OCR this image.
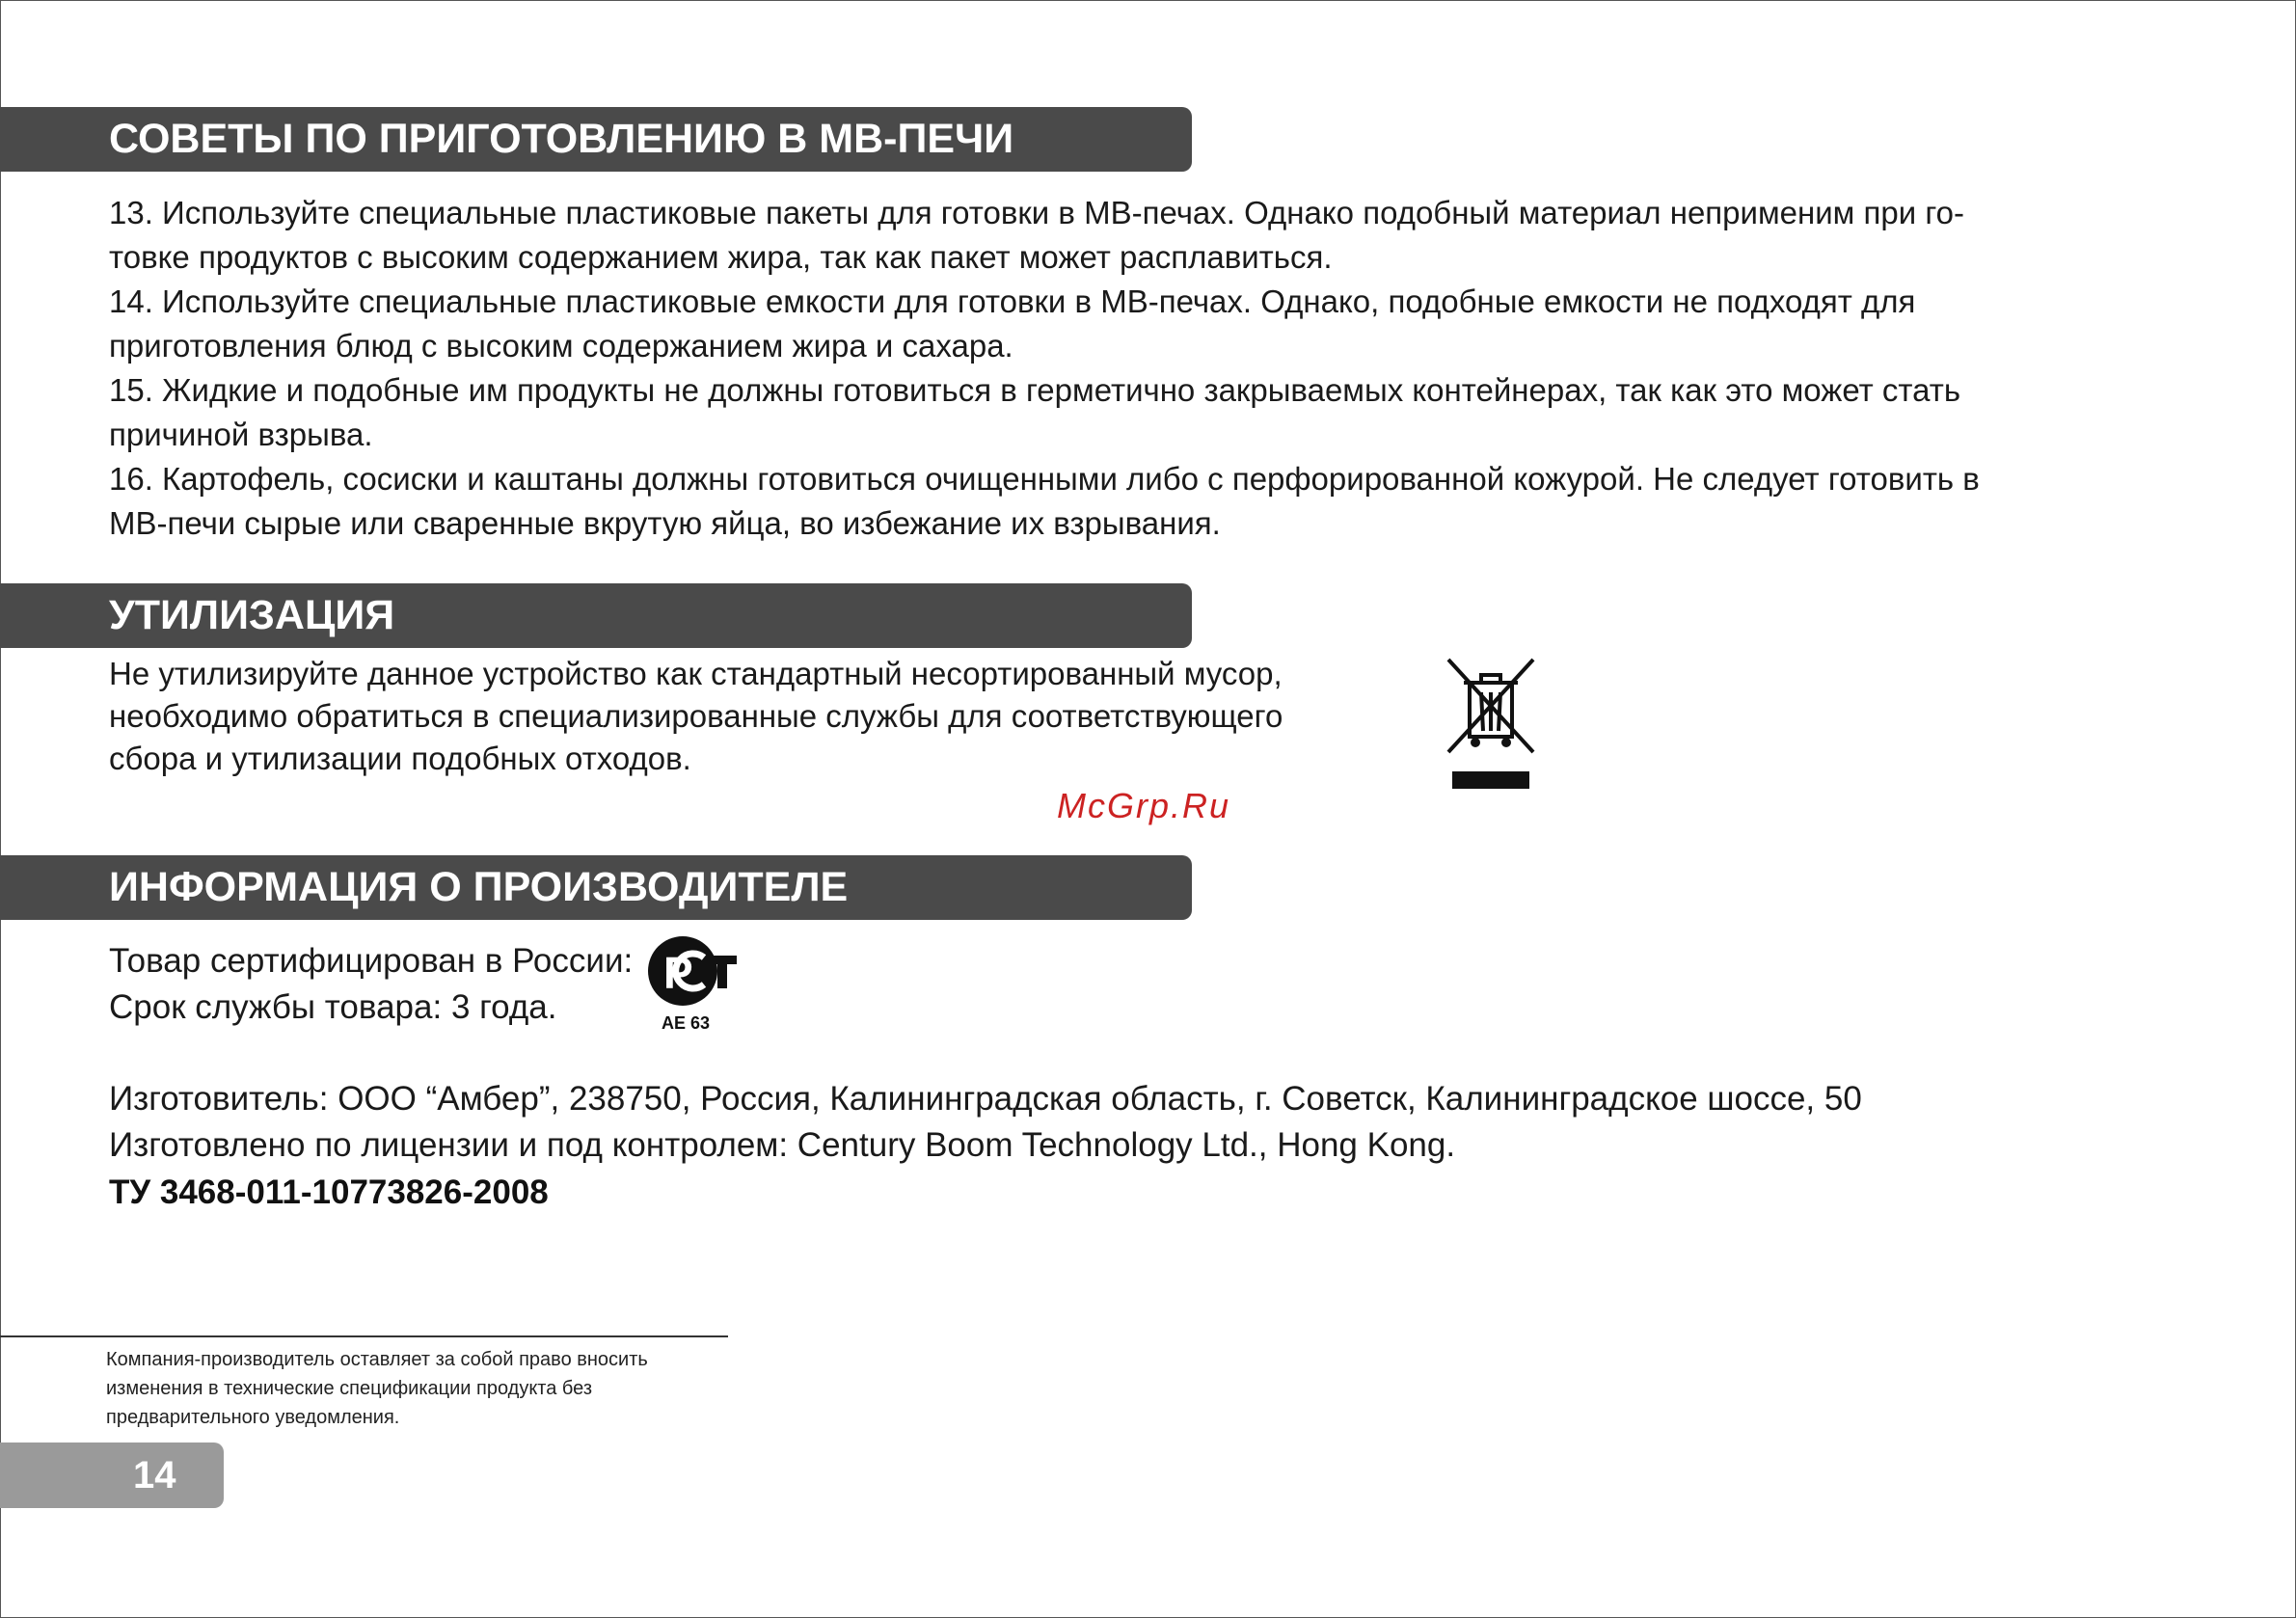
СОВЕТЫ ПО ПРИГОТОВЛЕНИЮ В МВ-ПЕЧИ

13. Используйте специальные пластиковые пакеты для готовки в МВ-печах. Однако подобный материал неприменим при го-

товке продуктов с высоким содержанием жира, так как пакет может расплавиться.

14. Используйте специальные пластиковые емкости для готовки в МВ-печах. Однако, подобные емкости не подходят для

приготовления блюд с высоким содержанием жира и сахара.

15. Жидкие и подобные им продукты не должны готовиться в герметично закрываемых контейнерах, так как это может стать

причиной взрыва.

16. Картофель, сосиски и каштаны должны готовиться очищенными либо с перфорированной кожурой. Не следует готовить в

МВ-печи сырые или сваренные вкрутую яйца, во избежание их взрывания.

УТИЛИЗАЦИЯ
Не утилизируйте данное устройство как стандартный несортированный мусор,
необходимо обратиться в специализированные службы для соответствующего
сбора и утилизации подобных отходов.
McGrp.Ru
ИНФОРМАЦИЯ О ПРОИЗВОДИТЕЛЕ
Товар сертифицирован в России:
Срок службы товара: 3 года.
Р
AE 63
Изготовитель: ООО “Амбер”, 238750, Россия, Калининградская область, г. Советск, Калининградское шоссе, 50
Изготовлено по лицензии и под контролем: Century Boom Technology Ltd., Hong Kong.
ТУ 3468-011-10773826-2008
Компания-производитель оставляет за собой право вносить
изменения в технические спецификации продукта без
предварительного уведомления.
14
